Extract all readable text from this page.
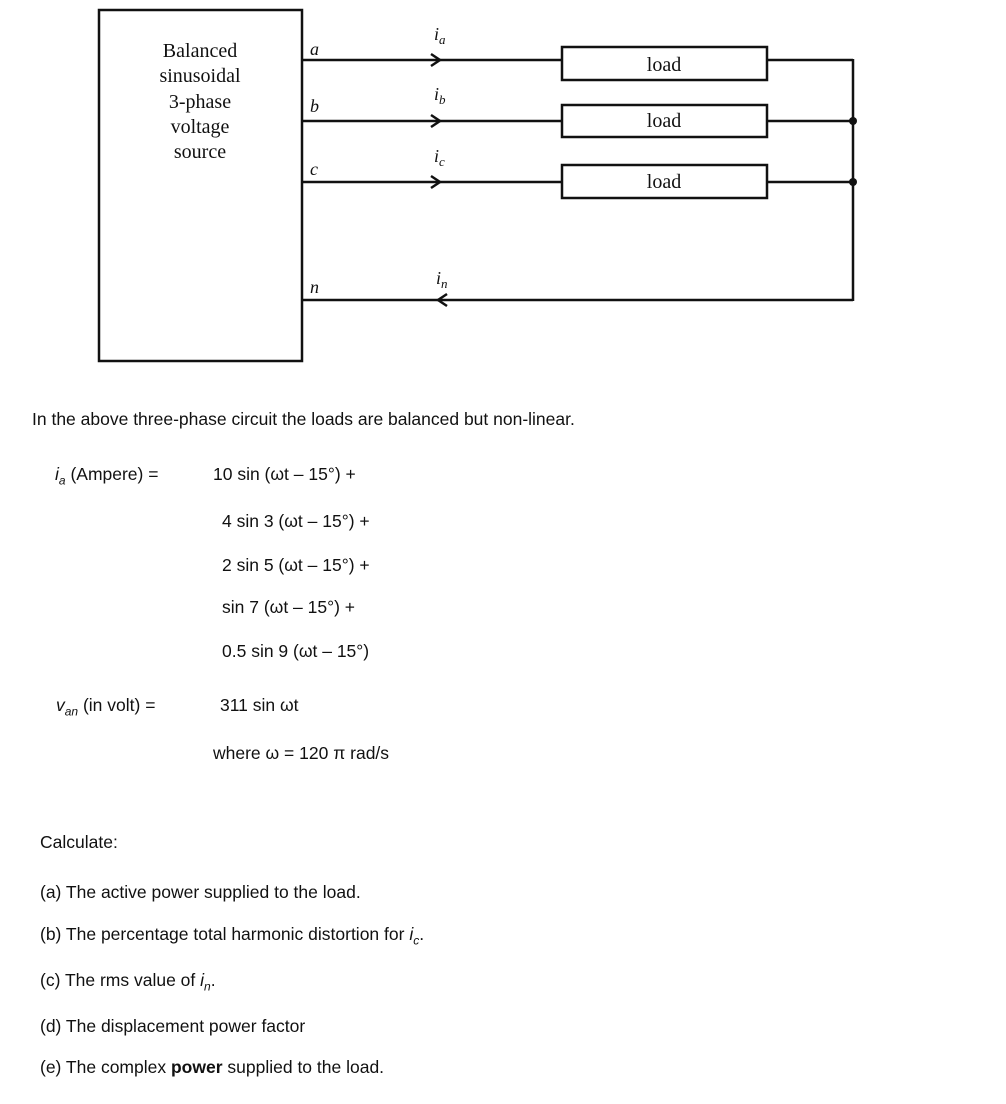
Balanced
sinusoidal
3-phase
voltage
source
load
load
load
a
b
c
n
$i_a$
$i_b$
$i_c$
$i_n$
In the above three-phase circuit the loads are balanced but non-linear.
$i_a$ (Ampere) =	10 sin (ωt – 15°) +
4 sin 3 (ωt – 15°) +
2 sin 5 (ωt – 15°) +
sin 7 (ωt – 15°) +
0.5 sin 9 (ωt – 15°)
$v_{an}$ (in volt) =	311 sin ωt
where ω = 120 π rad/s
Calculate:
(a) The active power supplied to the load.
(b) The percentage total harmonic distortion for $i_c$.
(c) The rms value of $i_n$.
(d) The displacement power factor
(e) The complex power supplied to the load.
